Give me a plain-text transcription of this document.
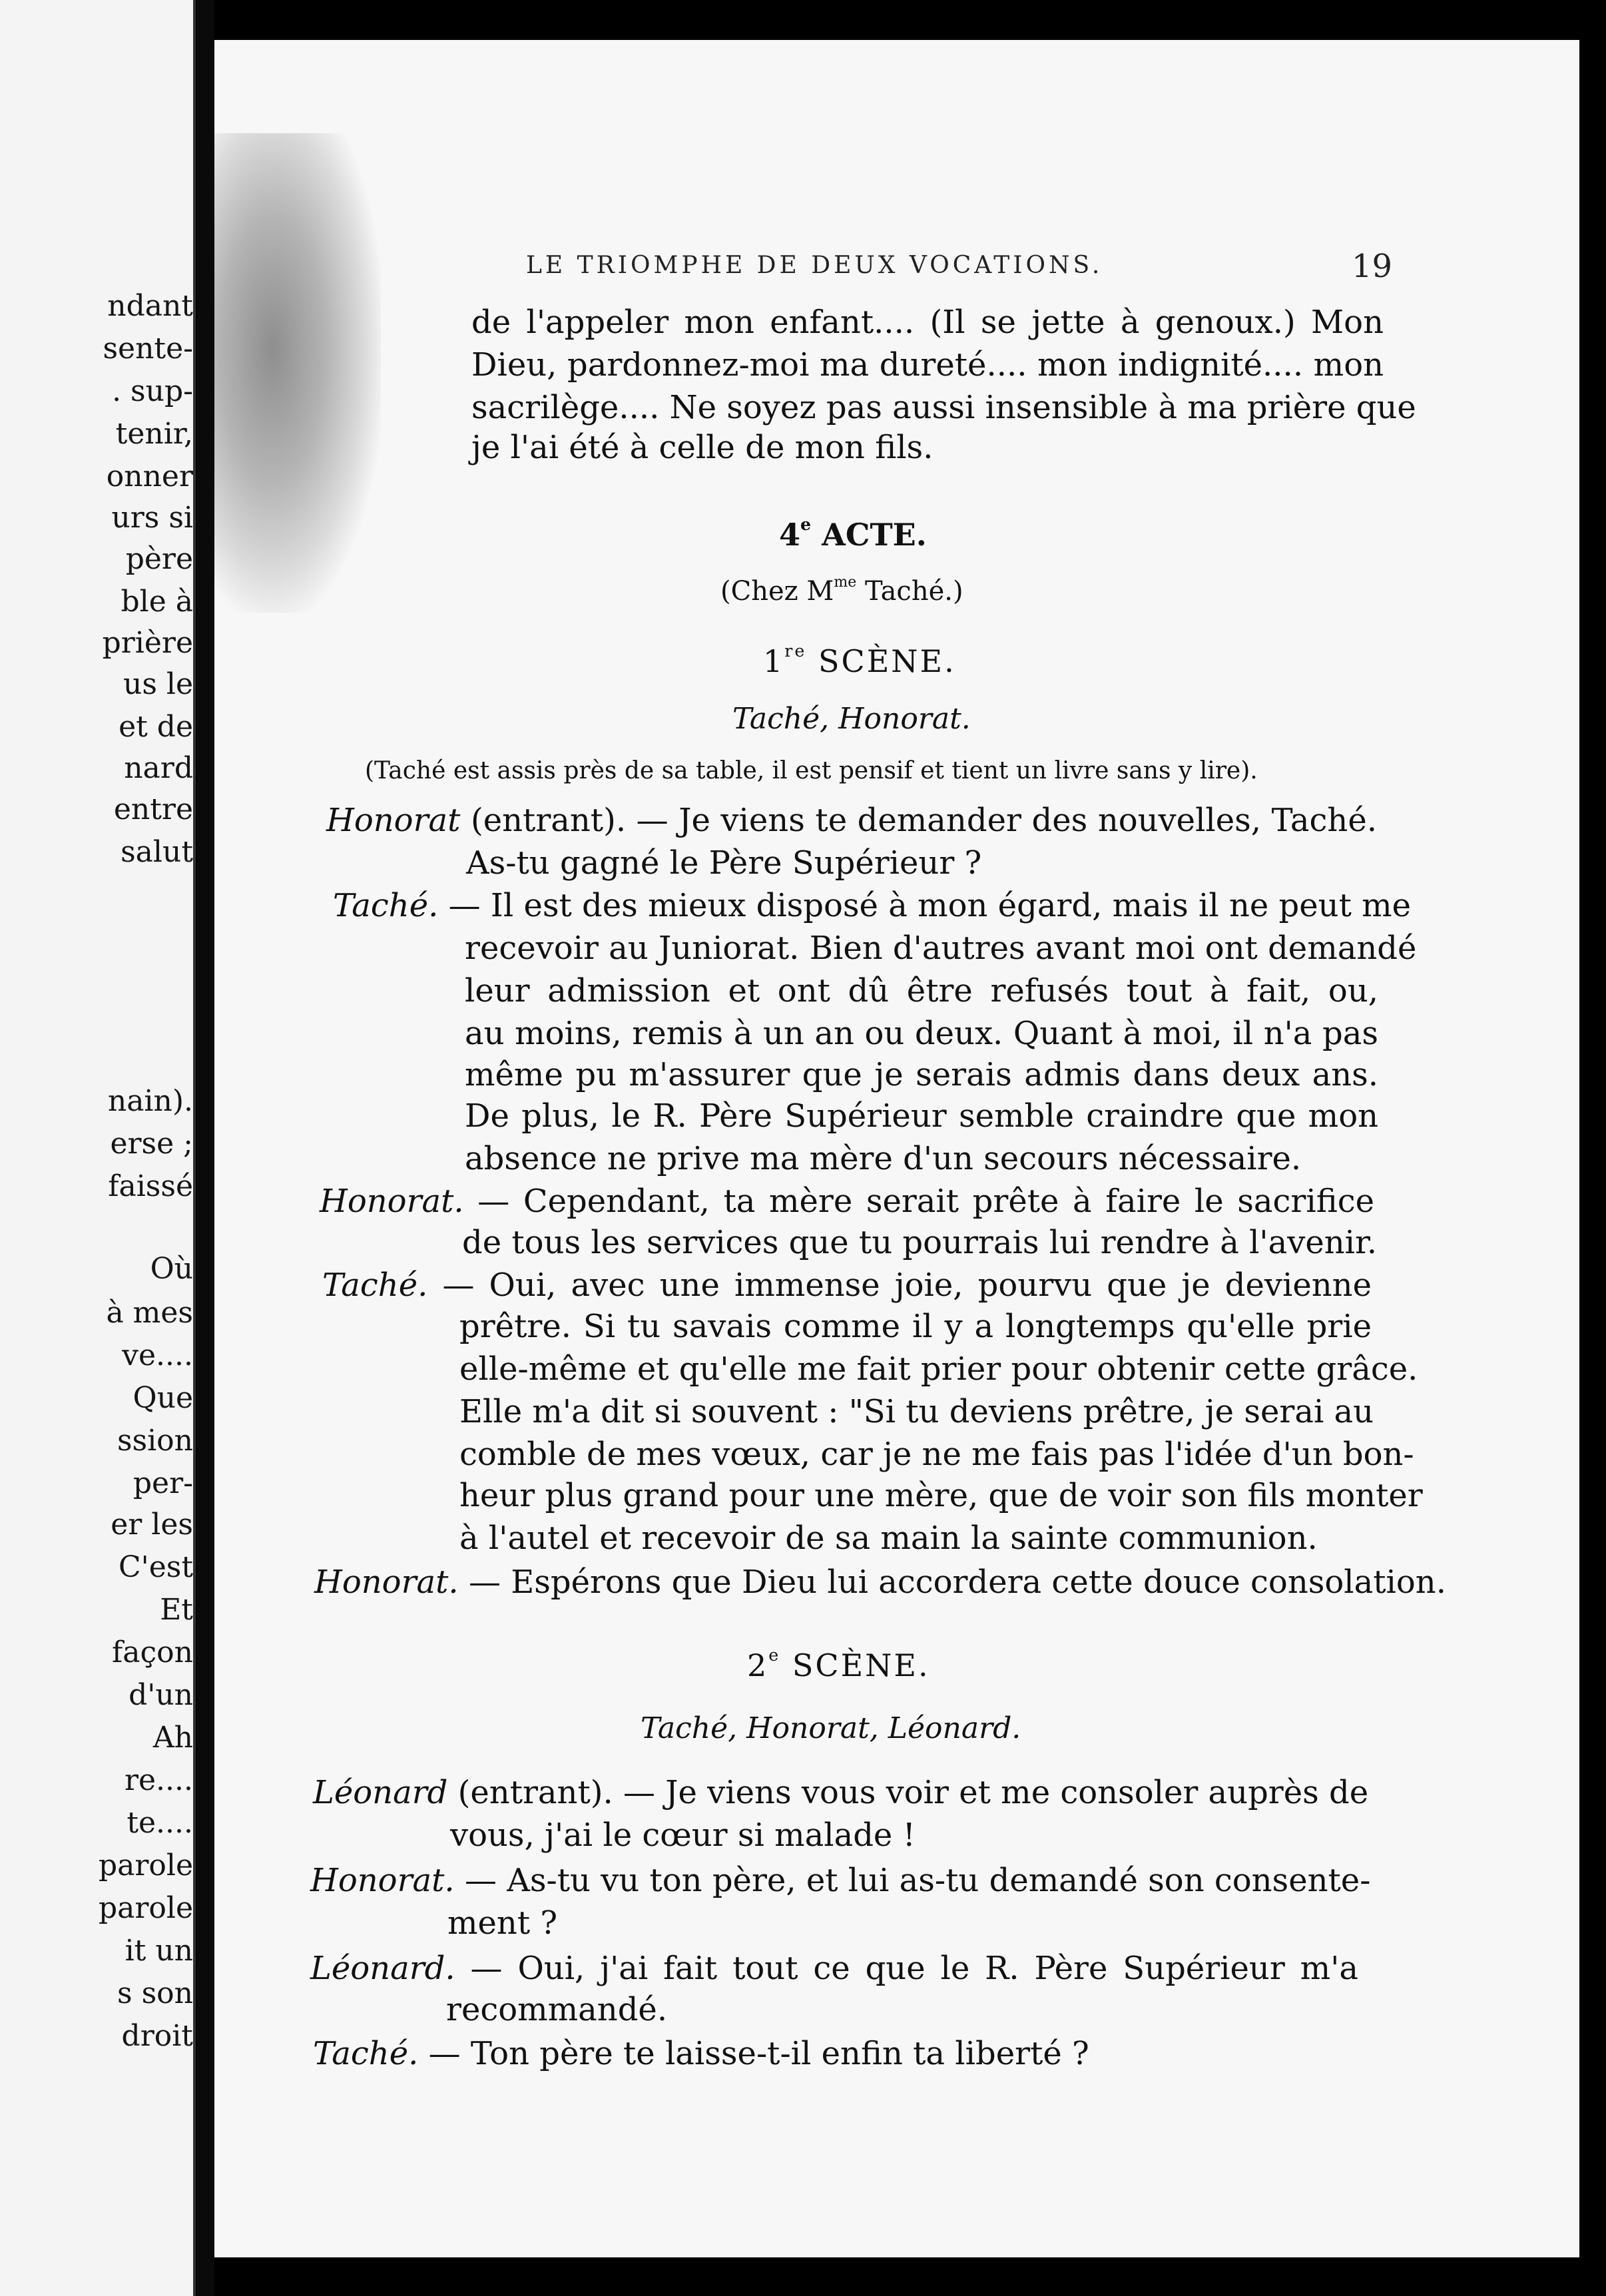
ndant
sente-
. sup-
tenir,
onner
urs si
père
ble à
prière
us le
et de
nard
entre
salut
nain).
erse ;
faissé
Où
à mes
ve....
Que
ssion
per-
er les
C'est
Et
façon
d'un
Ah
re....
te....
parole
parole
it un
s son
droit
LE TRIOMPHE DE DEUX VOCATIONS.	19
de l'appeler mon enfant.... (Il se jette à genoux.) Mon
Dieu, pardonnez-moi ma dureté.... mon indignité.... mon
sacrilège.... Ne soyez pas aussi insensible à ma prière que
je l'ai été à celle de mon fils.
4e ACTE.
(Chez $M^{me}$ Taché.)
1re SCÈNE.
Taché, Honorat.
(Taché est assis près de sa table, il est pensif et tient un livre sans y lire).
Honorat (entrant). — Je viens te demander des nouvelles, Taché.
As-tu gagné le Père Supérieur ?
Taché. — Il est des mieux disposé à mon égard, mais il ne peut me
recevoir au Juniorat. Bien d'autres avant moi ont demandé
leur admission et ont dû être refusés tout à fait, ou,
au moins, remis à un an ou deux. Quant à moi, il n'a pas
même pu m'assurer que je serais admis dans deux ans.
De plus, le R. Père Supérieur semble craindre que mon
absence ne prive ma mère d'un secours nécessaire.
Honorat. — Cependant, ta mère serait prête à faire le sacrifice
de tous les services que tu pourrais lui rendre à l'avenir.
Taché. — Oui, avec une immense joie, pourvu que je devienne
prêtre. Si tu savais comme il y a longtemps qu'elle prie
elle-même et qu'elle me fait prier pour obtenir cette grâce.
Elle m'a dit si souvent : "Si tu deviens prêtre, je serai au
comble de mes vœux, car je ne me fais pas l'idée d'un bon-
heur plus grand pour une mère, que de voir son fils monter
à l'autel et recevoir de sa main la sainte communion.
Honorat. — Espérons que Dieu lui accordera cette douce consolation.
2e SCÈNE.
Taché, Honorat, Léonard.
Léonard (entrant). — Je viens vous voir et me consoler auprès de
vous, j'ai le cœur si malade !
Honorat. — As-tu vu ton père, et lui as-tu demandé son consente-
ment ?
Léonard. — Oui, j'ai fait tout ce que le R. Père Supérieur m'a
recommandé.
Taché. — Ton père te laisse-t-il enfin ta liberté ?
